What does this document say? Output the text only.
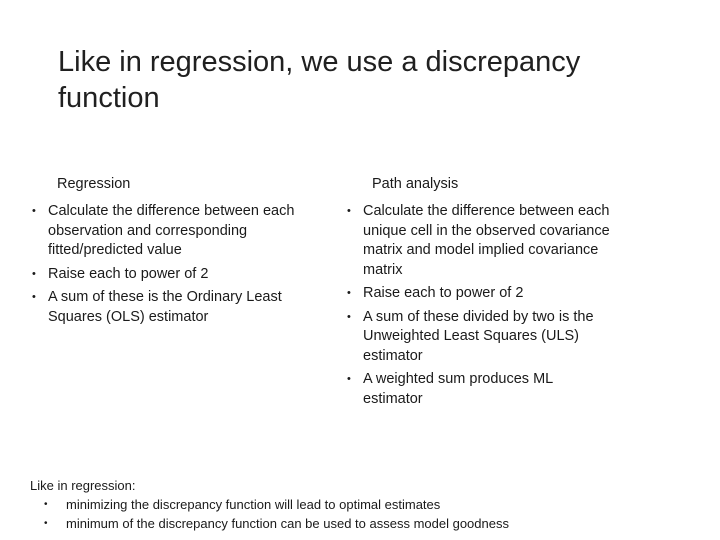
Like in regression, we use a discrepancy function
Regression
• Calculate the difference between each observation and corresponding fitted/predicted value
• Raise each to power of 2
• A sum of these is the Ordinary Least Squares (OLS) estimator
Path analysis
• Calculate the difference between each unique cell in the observed covariance matrix and model implied covariance matrix
• Raise each to power of 2
• A sum of these divided by two is the Unweighted Least Squares (ULS) estimator
• A weighted sum produces ML estimator

Like in regression:

• minimizing the discrepancy function will lead to optimal estimates
• minimum of the discrepancy function can be used to assess model goodness
